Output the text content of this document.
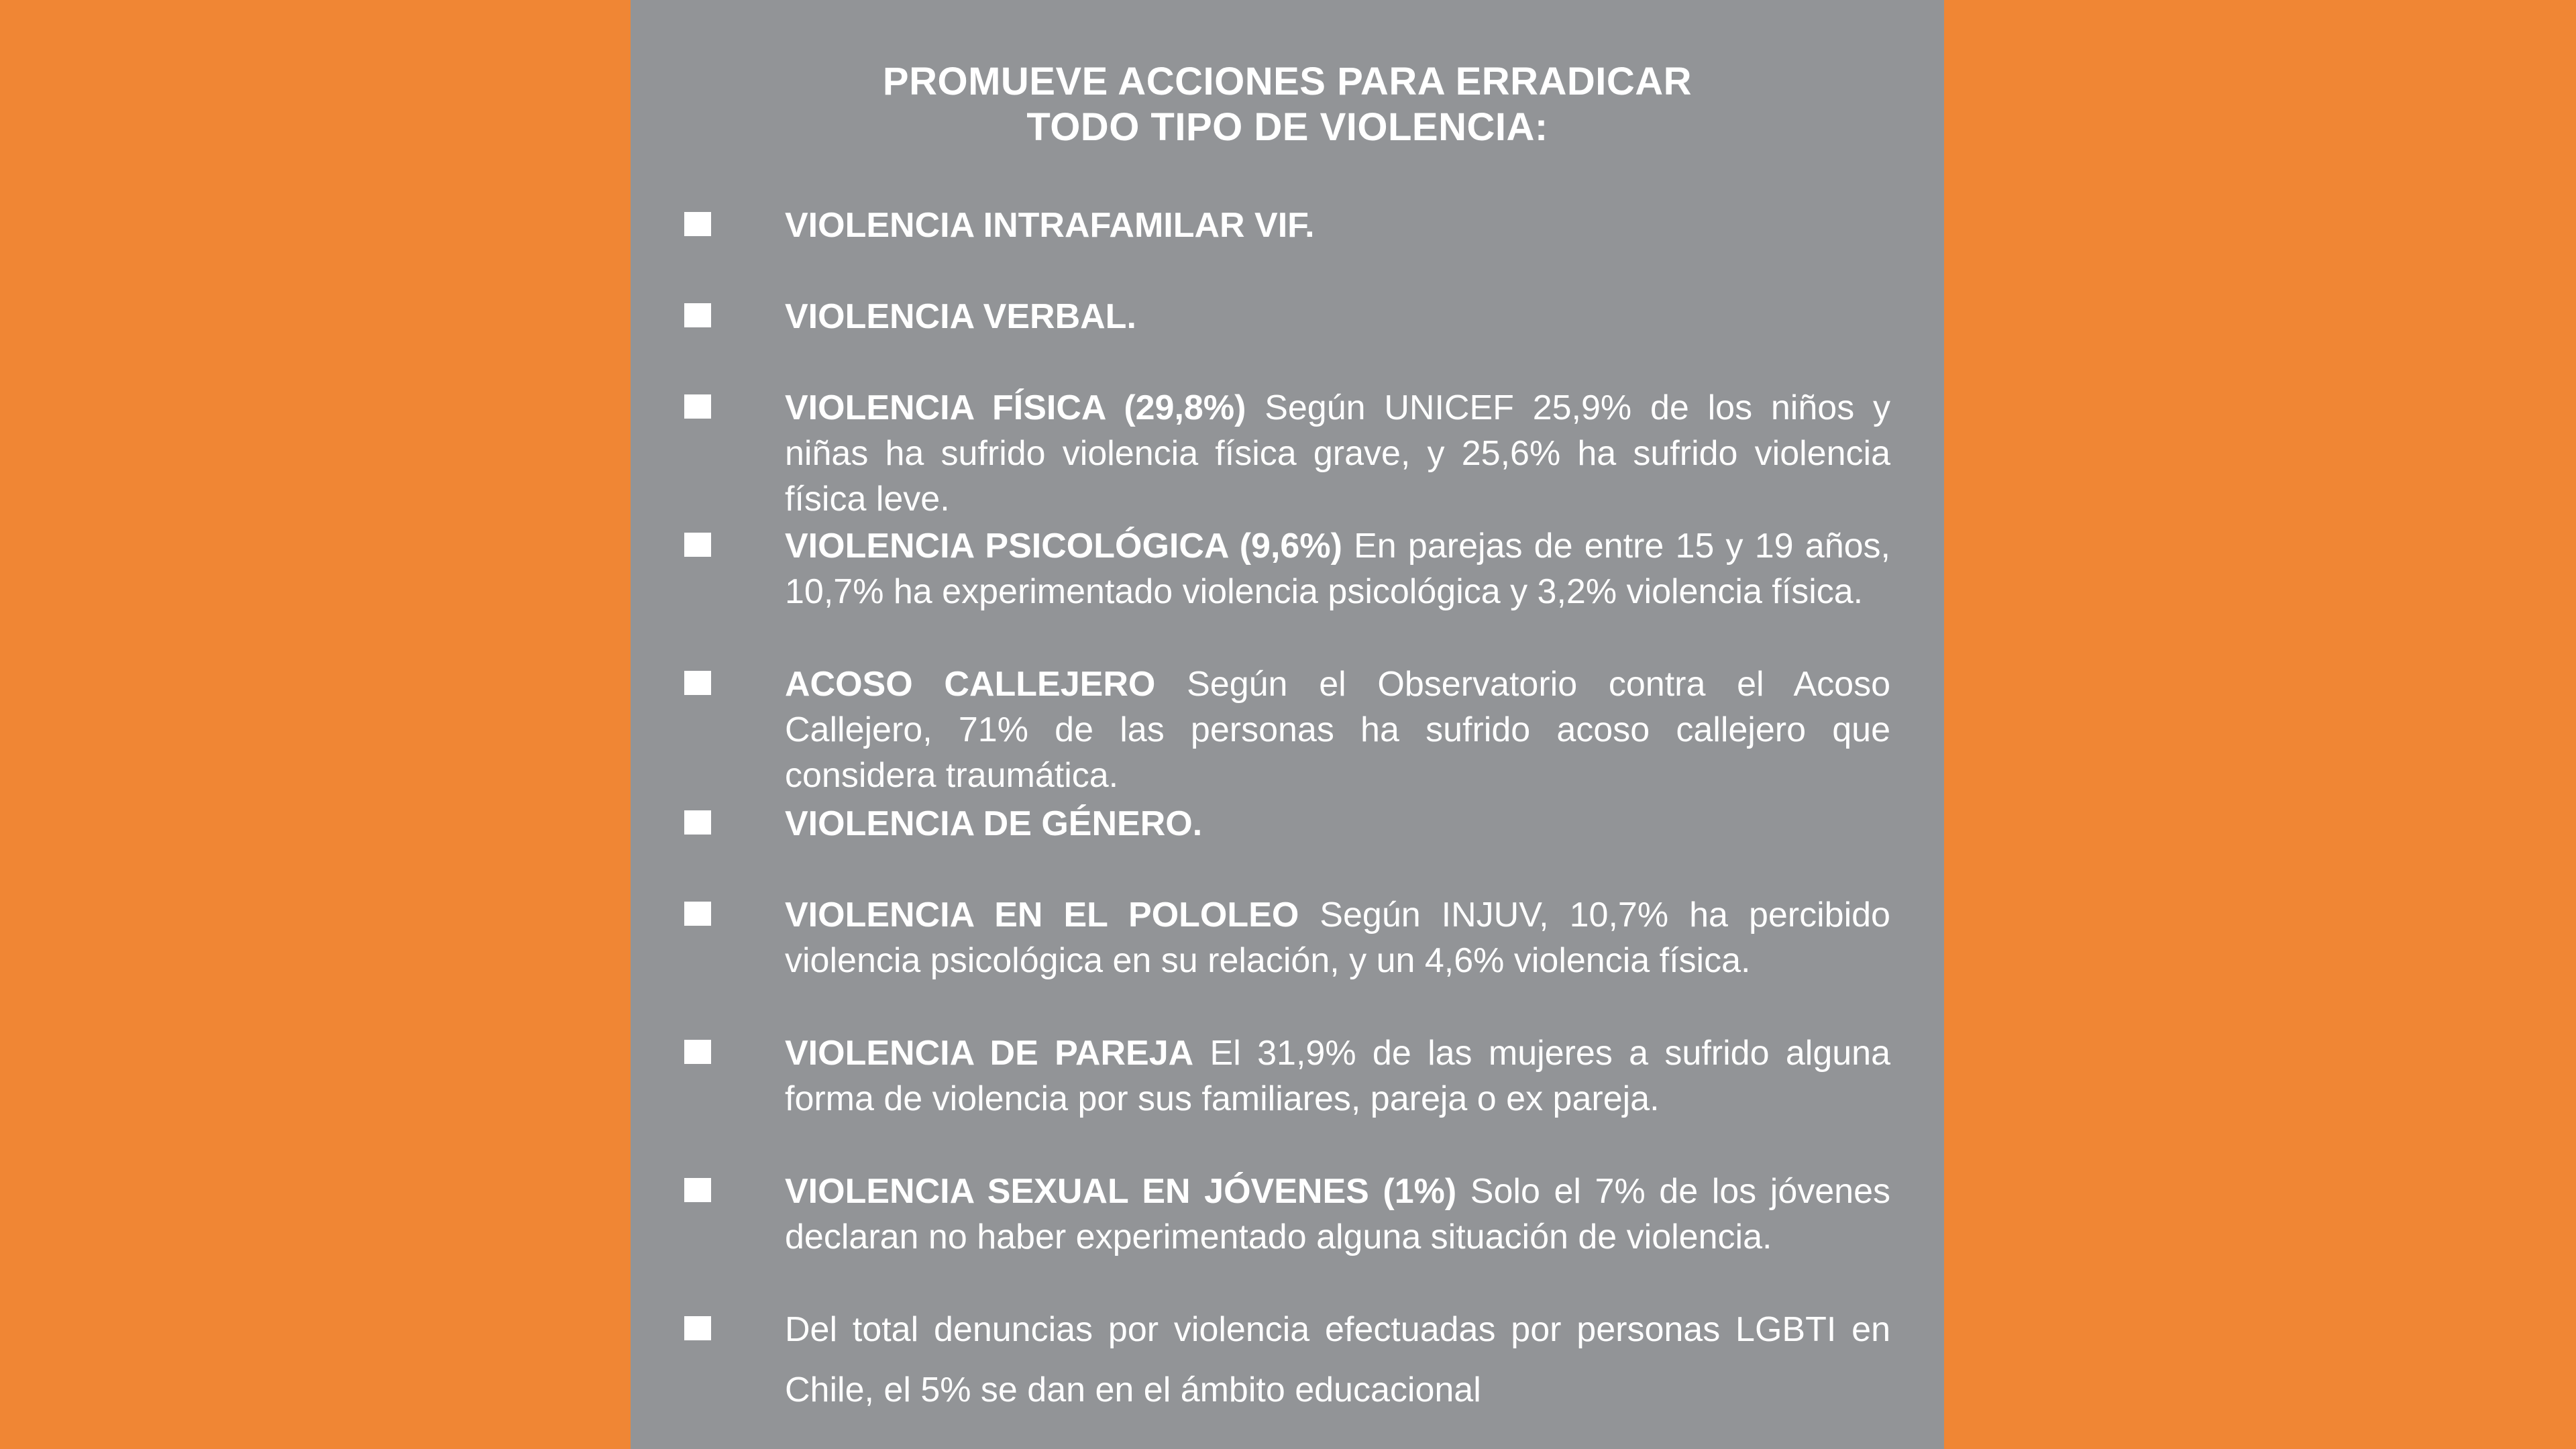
PROMUEVE ACCIONES PARA ERRADICAR
TODO TIPO DE VIOLENCIA:
VIOLENCIA INTRAFAMILAR VIF.
VIOLENCIA VERBAL.
VIOLENCIA FÍSICA (29,8%) Según UNICEF 25,9% de los niños y niñas ha sufrido violencia física grave, y 25,6% ha sufrido violencia física leve.
VIOLENCIA PSICOLÓGICA (9,6%) En parejas de entre 15 y 19 años, 10,7% ha experimentado violencia psicológica y 3,2% violencia física.
ACOSO CALLEJERO Según el Observatorio contra el Acoso Callejero, 71% de las personas ha sufrido acoso callejero que considera traumática.
VIOLENCIA DE GÉNERO.
VIOLENCIA EN EL POLOLEO Según INJUV, 10,7% ha percibido violencia psicológica en su relación, y un 4,6% violencia física.
VIOLENCIA DE PAREJA El 31,9% de las mujeres a sufrido alguna forma de violencia por sus familiares, pareja o ex pareja.
VIOLENCIA SEXUAL EN JÓVENES (1%) Solo el 7% de los jóvenes declaran no haber experimentado alguna situación de violencia.
Del total denuncias por violencia efectuadas por personas LGBTI en Chile, el 5% se dan en el ámbito educacional
